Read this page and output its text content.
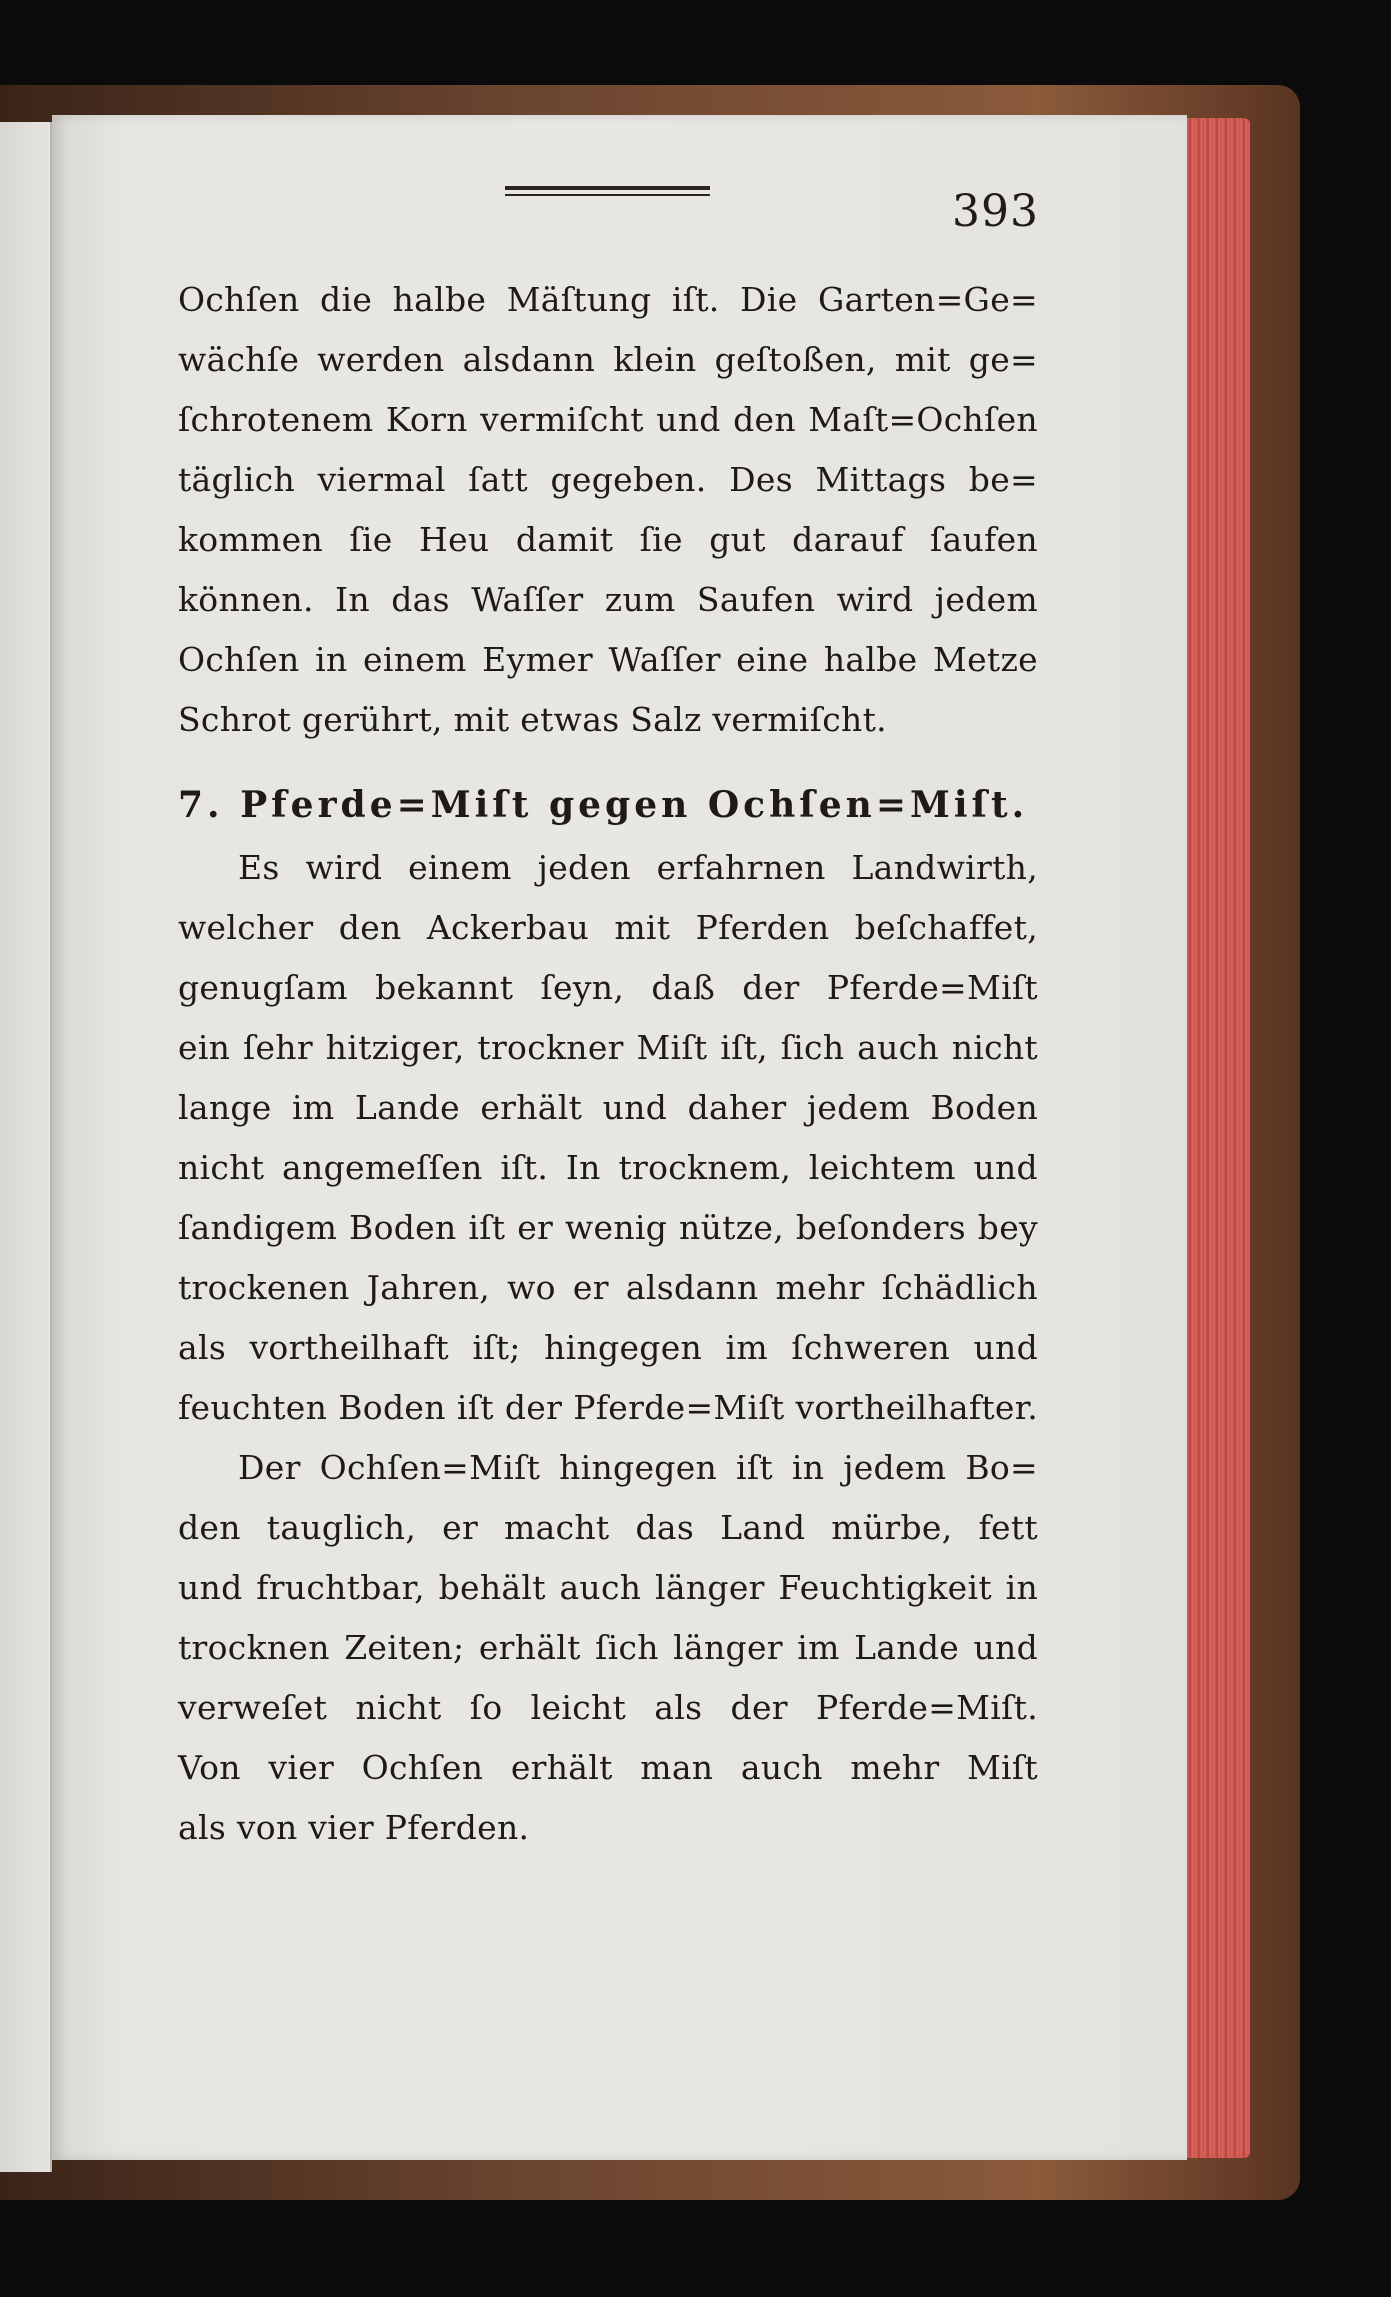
393
Ochſen die halbe Mäſtung iſt. Die Garten=Ge=
wächſe werden alsdann klein geſtoßen, mit ge=
ſchrotenem Korn vermiſcht und den Maſt=Ochſen
täglich viermal ſatt gegeben. Des Mittags be=
kommen ſie Heu damit ſie gut darauf ſaufen
können. In das Waſſer zum Saufen wird jedem
Ochſen in einem Eymer Waſſer eine halbe Metze
Schrot gerührt, mit etwas Salz vermiſcht.
7. Pferde=Miſt gegen Ochſen=Miſt.
Es wird einem jeden erfahrnen Landwirth,
welcher den Ackerbau mit Pferden beſchaffet,
genugſam bekannt ſeyn, daß der Pferde=Miſt
ein ſehr hitziger, trockner Miſt iſt, ſich auch nicht
lange im Lande erhält und daher jedem Boden
nicht angemeſſen iſt. In trocknem, leichtem und
ſandigem Boden iſt er wenig nütze, beſonders bey
trockenen Jahren, wo er alsdann mehr ſchädlich
als vortheilhaft iſt; hingegen im ſchweren und
feuchten Boden iſt der Pferde=Miſt vortheilhafter.
Der Ochſen=Miſt hingegen iſt in jedem Bo=
den tauglich, er macht das Land mürbe, fett
und fruchtbar, behält auch länger Feuchtigkeit in
trocknen Zeiten; erhält ſich länger im Lande und
verweſet nicht ſo leicht als der Pferde=Miſt.
Von vier Ochſen erhält man auch mehr Miſt
als von vier Pferden.
